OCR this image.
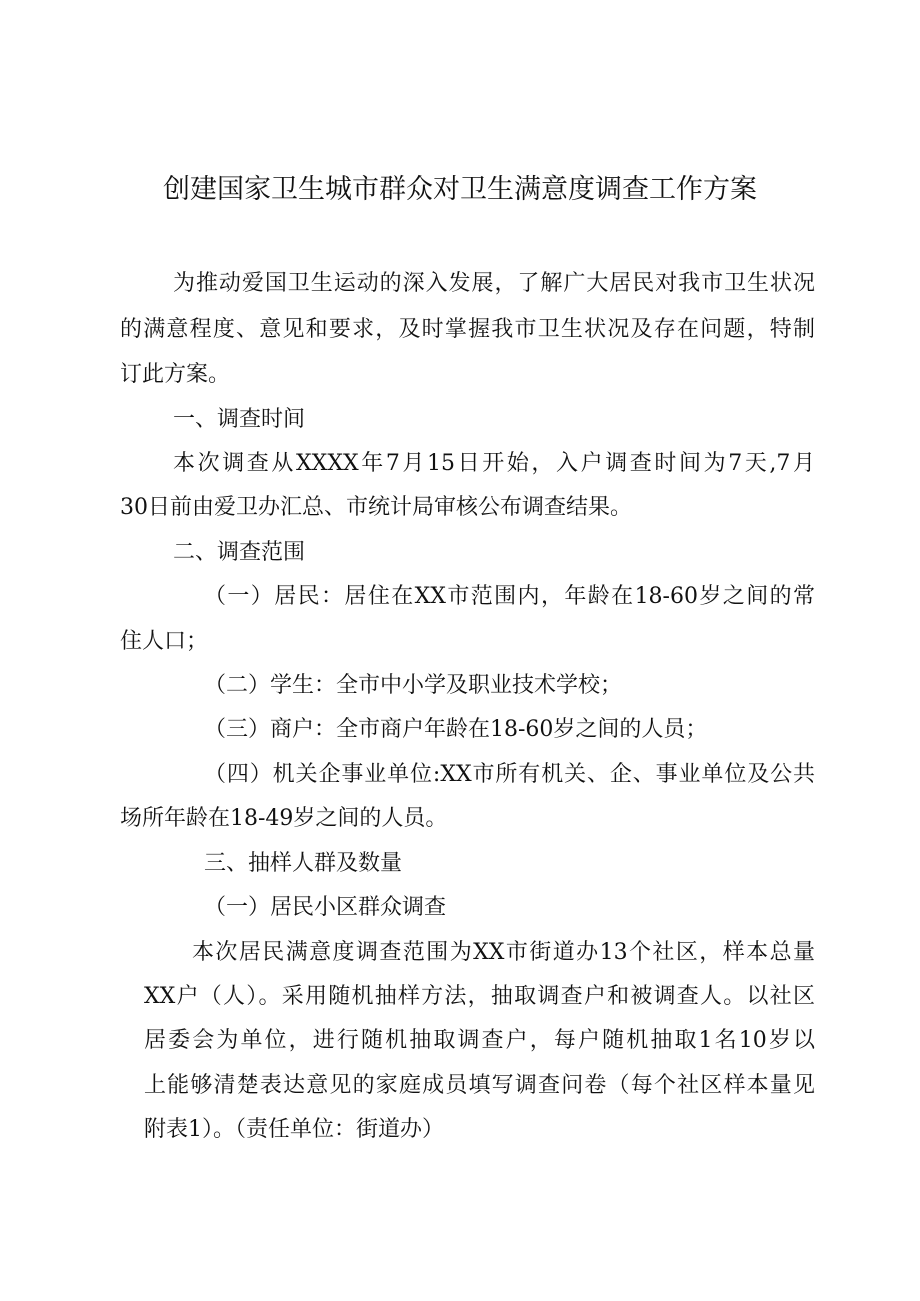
创建国家卫生城市群众对卫生满意度调查工作方案
为推动爱国卫生运动的深入发展，了解广大居民对我市卫生状况
的满意程度、意见和要求，及时掌握我市卫生状况及存在问题，特制
订此方案。
一、调查时间
本次调查从XXXX年7月15日开始，入户调查时间为7天,7月
30日前由爱卫办汇总、市统计局审核公布调查结果。
二、调查范围
（一）居民：居住在XX市范围内，年龄在18-60岁之间的常
住人口；
（二）学生：全市中小学及职业技术学校；
（三）商户：全市商户年龄在18-60岁之间的人员；
（四）机关企事业单位:XX市所有机关、企、事业单位及公共
场所年龄在18-49岁之间的人员。
三、抽样人群及数量
（一）居民小区群众调查
本次居民满意度调查范围为XX市街道办13个社区，样本总量
XX户（人）。采用随机抽样方法，抽取调查户和被调查人。以社区
居委会为单位，进行随机抽取调查户，每户随机抽取1名10岁以
上能够清楚表达意见的家庭成员填写调查问卷（每个社区样本量见
附表1）。（责任单位：街道办）
